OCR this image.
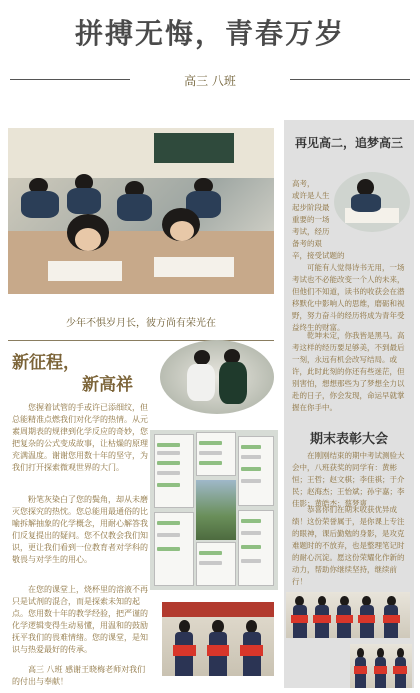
拼搏无悔，青春万岁
高三 八班
少年不惧岁月长，彼方尚有荣光在
再见高二，追梦高三
高考，
或许是人生
起步阶段最
重要的一场
考试，经历
备考的艰
辛，接受试题的
可能有人觉得诗书无用，一场考试也不必能改变一个人的未来，但他们不知道，读书的收获会在潜移默化中影响人的思维，磨砺和视野，努力奋斗的经历将成为青年受益终生的财富。
乾坤未定，你我皆是黑马。高考这样的经历要足够美，不到最后一刻，永远有机会改写结局。或许，此时此刻的你还有些迷茫，但别害怕，想想那些为了梦想全力以赴的日子，你会发现，命运早就掌握在你手中。
期末表彰大会
在刚刚结束的期中考试测验大会中，八班获奖的同学有：黄彬恒；王哲；赵文棋；李佳祺；于介民；赵海杰；王怡斌；孙宇嘉；李佳影；黄皓杰；蔡梦爽
恭喜你们在期末收获优异成绩！这份荣誉属于，是你课上专注的眼神，课后勤勉的身影，是攻克难题时的不放弃，也是整理笔记时的耐心沉淀。愿这份荣耀化作新的动力，帮助你继续坚持，继续前行！
新征程，
新高祥
您握着试管的手或许已添细纹，但总能精准点燃我们对化学的热情。从元素周期表的规律到化学反应的奇妙，您把复杂的公式变成故事，让枯燥的原理充满温度。谢谢您用数十年的坚守，为我们打开探索微观世界的大门。
粉笔灰染白了您的鬓角，却从未磨灭您探究的热忱。您总能用最通俗的比喻拆解抽象的化学概念，用耐心解答我们反复提出的疑问。您不仅教会我们知识，更让我们看到一位教育者对学科的敬畏与对学生的用心。
在您的课堂上，烧杯里的溶液不再只是试剂的混合，而是探索未知的起点。您用数十年的教学经验，把严谨的化学逻辑变得生动易懂，用温和的鼓励抚平我们的畏难情绪。您的课堂，是知识与热爱最好的传承。
高三 八班 感谢王晓梅老师对我们的付出与奉献！
